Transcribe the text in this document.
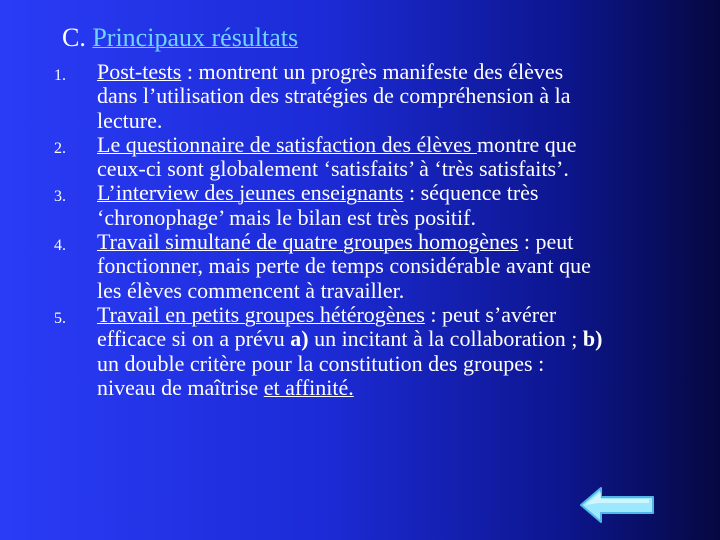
C. Principaux résultats
1. Post-tests : montrent un progrès manifeste des élèves
dans l’utilisation des stratégies de compréhension à la
lecture.
2. Le questionnaire de satisfaction des élèves montre que
ceux-ci sont globalement ‘satisfaits’ à ‘très satisfaits’.
3. L’interview des jeunes enseignants : séquence très
‘chronophage’ mais le bilan est très positif.
4. Travail simultané de quatre groupes homogènes : peut
fonctionner, mais perte de temps considérable avant que
les élèves commencent à travailler.
5. Travail en petits groupes hétérogènes : peut s’avérer
efficace si on a prévu a) un incitant à la collaboration ; b)
un double critère pour la constitution des groupes :
niveau de maîtrise et affinité.
